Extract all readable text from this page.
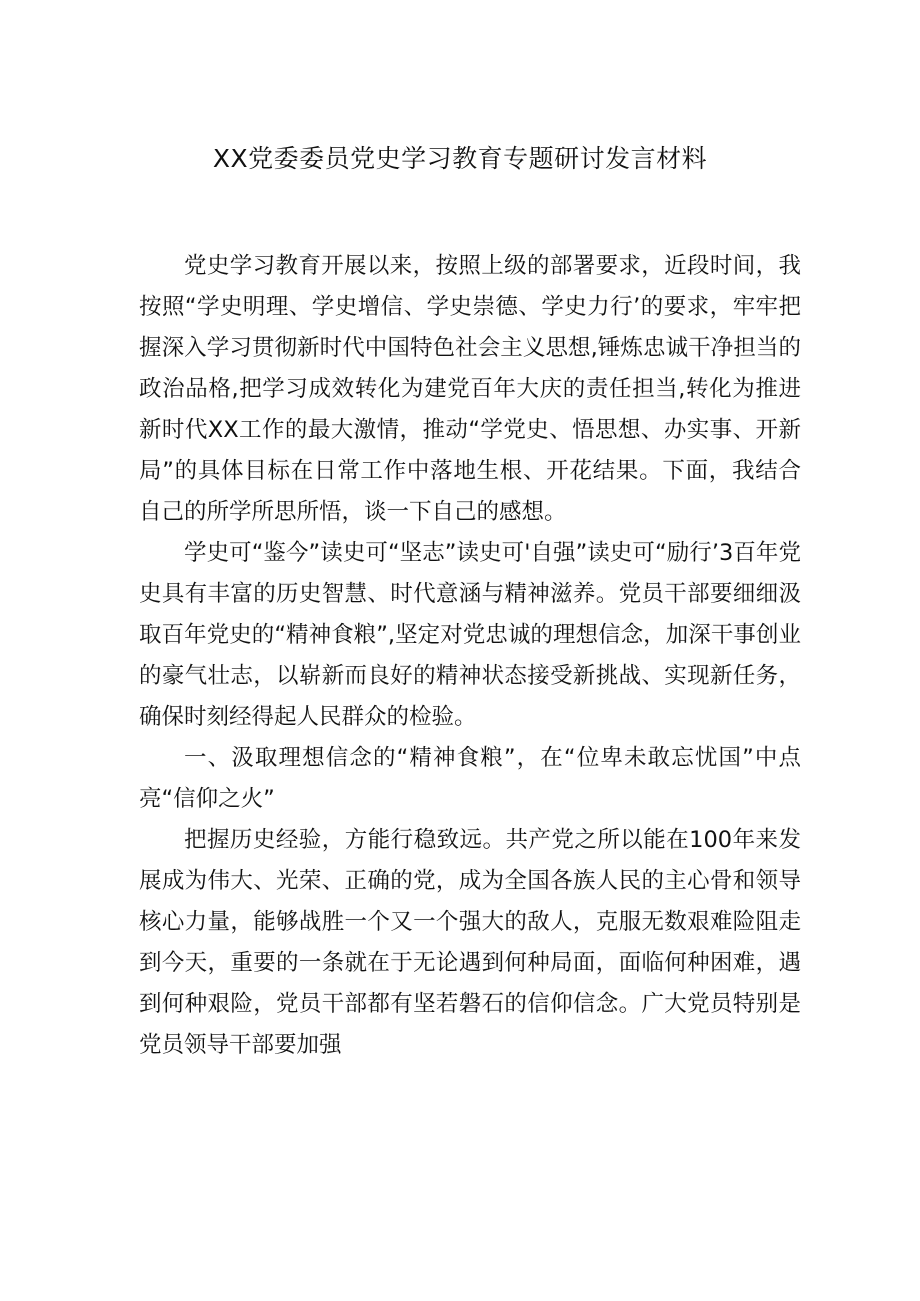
XX党委委员党史学习教育专题研讨发言材料

党史学习教育开展以来，按照上级的部署要求，近段时间，我按照“学史明理、学史增信、学史崇德、学史力行’的要求，牢牢把握深入学习贯彻新时代中国特色社会主义思想,锤炼忠诚干净担当的政治品格,把学习成效转化为建党百年大庆的责任担当,转化为推进新时代XX工作的最大激情，推动“学党史、悟思想、办实事、开新局”的具体目标在日常工作中落地生根、开花结果。下面，我结合自己的所学所思所悟，谈一下自己的感想。

学史可“鉴今”读史可“坚志”读史可'自强”读史可“励行’3百年党史具有丰富的历史智慧、时代意涵与精神滋养。党员干部要细细汲取百年党史的“精神食粮”,坚定对党忠诚的理想信念，加深干事创业的豪气壮志，以崭新而良好的精神状态接受新挑战、实现新任务，确保时刻经得起人民群众的检验。

一、汲取理想信念的“精神食粮”，在“位卑未敢忘忧国”中点亮“信仰之火”

把握历史经验，方能行稳致远。共产党之所以能在100年来发展成为伟大、光荣、正确的党，成为全国各族人民的主心骨和领导核心力量，能够战胜一个又一个强大的敌人，克服无数艰难险阻走到今天，重要的一条就在于无论遇到何种局面，面临何种困难，遇到何种艰险，党员干部都有坚若磐石的信仰信念。广大党员特别是党员领导干部要加强
